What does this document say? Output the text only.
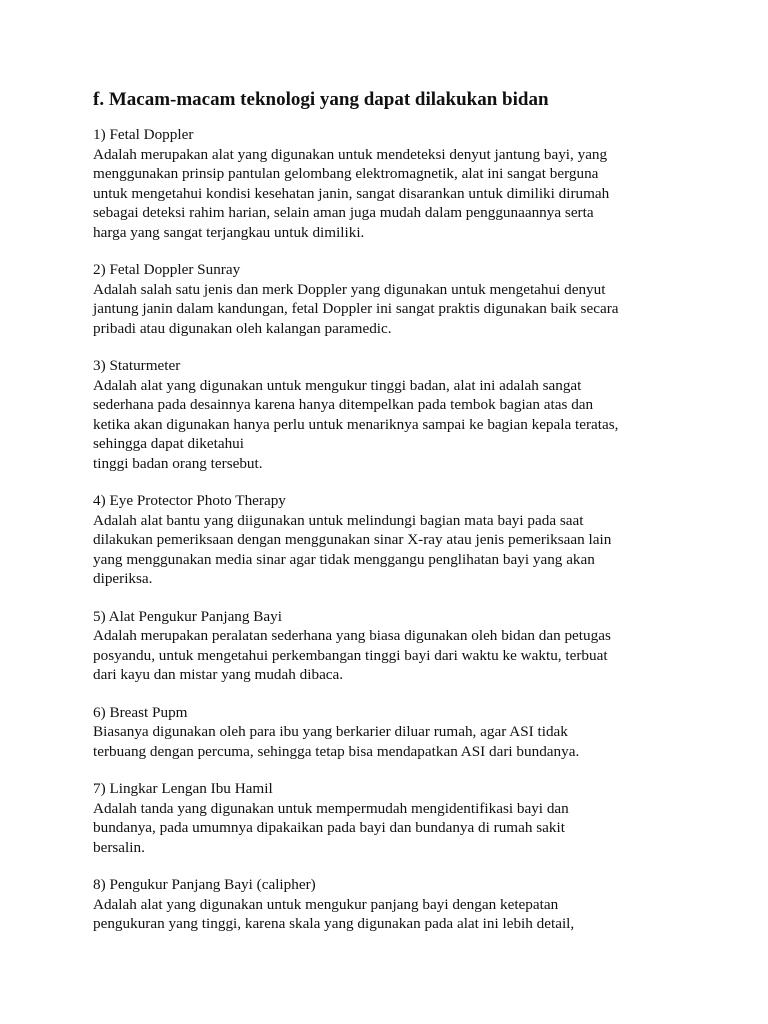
f. Macam-macam teknologi yang dapat dilakukan bidan
1) Fetal Doppler
Adalah merupakan alat yang digunakan untuk mendeteksi denyut jantung bayi, yang
menggunakan prinsip pantulan gelombang elektromagnetik, alat ini sangat berguna
untuk mengetahui kondisi kesehatan janin, sangat disarankan untuk dimiliki dirumah
sebagai deteksi rahim harian, selain aman juga mudah dalam penggunaannya serta
harga yang sangat terjangkau untuk dimiliki.
2) Fetal Doppler Sunray
Adalah salah satu jenis dan merk Doppler yang digunakan untuk mengetahui denyut
jantung janin dalam kandungan, fetal Doppler ini sangat praktis digunakan baik secara
pribadi atau digunakan oleh kalangan paramedic.
3) Staturmeter
Adalah alat yang digunakan untuk mengukur tinggi badan, alat ini adalah sangat
sederhana pada desainnya karena hanya ditempelkan pada tembok bagian atas dan
ketika akan digunakan hanya perlu untuk menariknya sampai ke bagian kepala teratas,
sehingga dapat diketahui
tinggi badan orang tersebut.
4) Eye Protector Photo Therapy
Adalah alat bantu yang diigunakan untuk melindungi bagian mata bayi pada saat
dilakukan pemeriksaan dengan menggunakan sinar X-ray atau jenis pemeriksaan lain
yang menggunakan media sinar agar tidak menggangu penglihatan bayi yang akan
diperiksa.
5) Alat Pengukur Panjang Bayi
Adalah merupakan peralatan sederhana yang biasa digunakan oleh bidan dan petugas
posyandu, untuk mengetahui perkembangan tinggi bayi dari waktu ke waktu, terbuat
dari kayu dan mistar yang mudah dibaca.
6) Breast Pupm
Biasanya digunakan oleh para ibu yang berkarier diluar rumah, agar ASI tidak
terbuang dengan percuma, sehingga tetap bisa mendapatkan ASI dari bundanya.
7) Lingkar Lengan Ibu Hamil
Adalah tanda yang digunakan untuk mempermudah mengidentifikasi bayi dan
bundanya, pada umumnya dipakaikan pada bayi dan bundanya di rumah sakit
bersalin.
8) Pengukur Panjang Bayi (calipher)
Adalah alat yang digunakan untuk mengukur panjang bayi dengan ketepatan
pengukuran yang tinggi, karena skala yang digunakan pada alat ini lebih detail,
